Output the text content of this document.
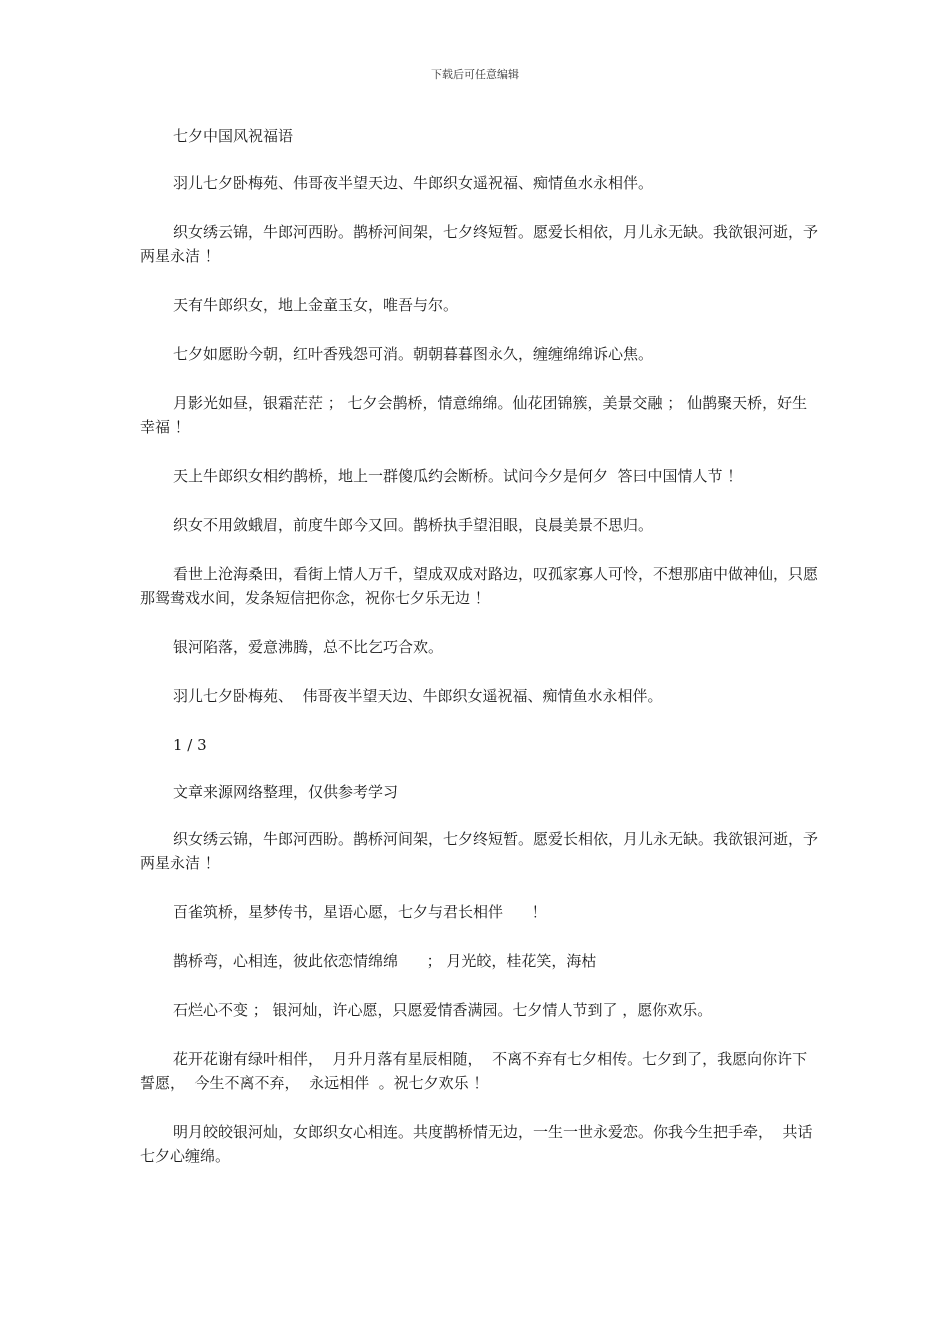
下载后可任意编辑

七夕中国风祝福语

羽儿七夕卧梅苑、伟哥夜半望天边、牛郎织女遥祝福、痴情鱼水永相伴。

织女绣云锦，牛郎河西盼。鹊桥河间架，七夕终短暂。愿爱长相依，月儿永无缺。我欲银河逝，予两星永洁 ！

天有牛郎织女，地上金童玉女，唯吾与尔。

七夕如愿盼今朝，红叶香残怨可消。朝朝暮暮图永久，缠缠绵绵诉心焦。

月影光如昼，银霜茫茫 ； 七夕会鹊桥，情意绵绵。仙花团锦簇，美景交融 ； 仙鹊聚天桥，好生幸福 ！

天上牛郎织女相约鹊桥，地上一群傻瓜约会断桥。试问今夕是何夕  答曰中国情人节 ！

织女不用敛蛾眉，前度牛郎今又回。鹊桥执手望泪眼，良晨美景不思归。

看世上沧海桑田，看街上情人万千，望成双成对路边，叹孤家寡人可怜，不想那庙中做神仙，只愿那鸳鸯戏水间，发条短信把你念，祝你七夕乐无边 ！

银河陷落，爱意沸腾，总不比乞巧合欢。

羽儿七夕卧梅苑、  伟哥夜半望天边、牛郎织女遥祝福、痴情鱼水永相伴。

1 / 3

文章来源网络整理，仅供参考学习

织女绣云锦，牛郎河西盼。鹊桥河间架，七夕终短暂。愿爱长相依，月儿永无缺。我欲银河逝，予两星永洁 ！

百雀筑桥，星梦传书，星语心愿，七夕与君长相伴      ！

鹊桥弯，心相连，彼此依恋情绵绵      ； 月光皎，桂花笑，海枯

石烂心不变 ； 银河灿，许心愿，只愿爱情香满园。七夕情人节到了 ，愿你欢乐。

花开花谢有绿叶相伴，  月升月落有星辰相随，  不离不弃有七夕相传。七夕到了，我愿向你许下誓愿，  今生不离不弃，  永远相伴  。祝七夕欢乐 ！

明月皎皎银河灿，女郎织女心相连。共度鹊桥情无边，一生一世永爱恋。你我今生把手牵，  共话七夕心缠绵。
